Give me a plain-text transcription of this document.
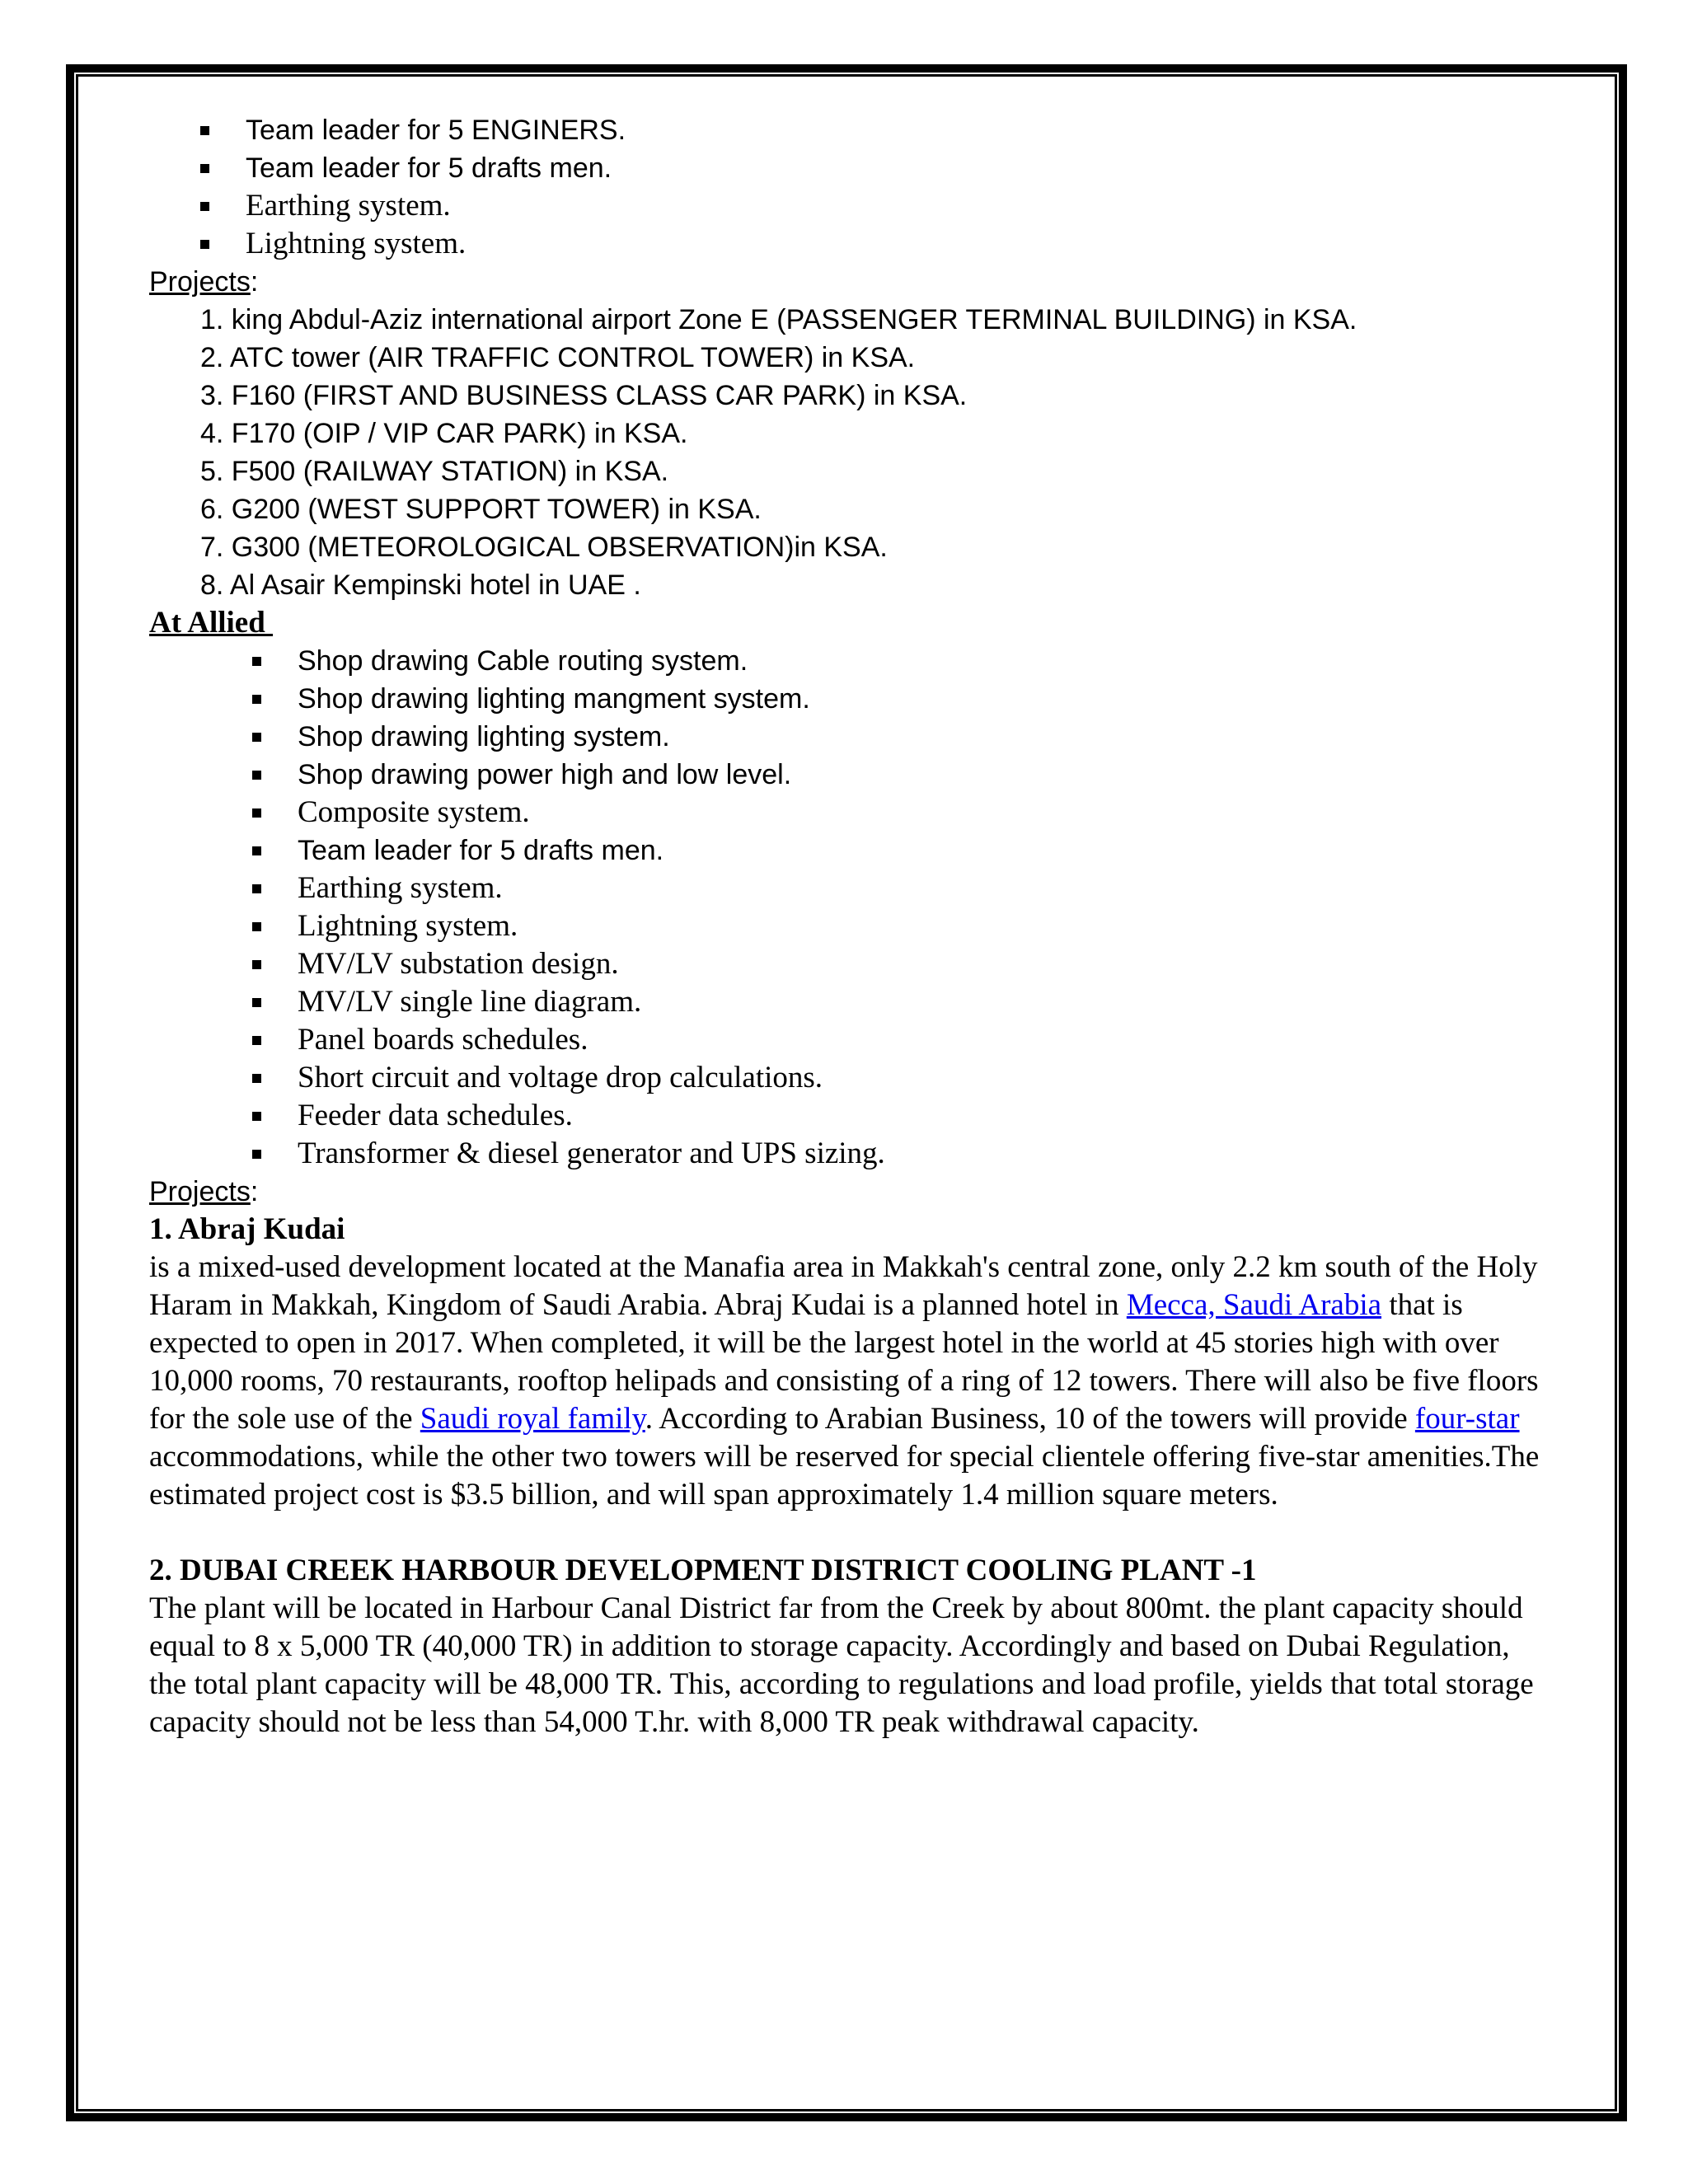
Team leader for 5 ENGINERS.
Team leader for 5 drafts men.
Earthing system.
Lightning system.
Projects:
1. king Abdul-Aziz international airport Zone E (PASSENGER TERMINAL BUILDING) in KSA.
2. ATC tower (AIR TRAFFIC CONTROL TOWER) in KSA.
3. F160 (FIRST AND BUSINESS CLASS CAR PARK) in KSA.
4. F170 (OIP / VIP CAR PARK) in KSA.
5. F500 (RAILWAY STATION) in KSA.
6. G200 (WEST SUPPORT TOWER) in KSA.
7. G300 (METEOROLOGICAL OBSERVATION)in KSA.
8. Al Asair Kempinski hotel in UAE .
At Allied
Shop drawing Cable routing system.
Shop drawing lighting mangment system.
Shop drawing lighting system.
Shop drawing power high and low level.
Composite system.
Team leader for 5 drafts men.
Earthing system.
Lightning system.
MV/LV substation design.
MV/LV single line diagram.
Panel boards schedules.
Short circuit and voltage drop calculations.
Feeder data schedules.
Transformer & diesel generator and UPS sizing.
Projects:
1. Abraj Kudai

is a mixed-used development located at the Manafia area in Makkah's central zone, only 2.2 km south of the Holy Haram in Makkah, Kingdom of Saudi Arabia. Abraj Kudai is a planned hotel in Mecca, Saudi Arabia that is expected to open in 2017. When completed, it will be the largest hotel in the world at 45 stories high with over 10,000 rooms, 70 restaurants, rooftop helipads and consisting of a ring of 12 towers. There will also be five floors for the sole use of the Saudi royal family. According to Arabian Business, 10 of the towers will provide four-star accommodations, while the other two towers will be reserved for special clientele offering five-star amenities.The estimated project cost is $3.5 billion, and will span approximately 1.4 million square meters.

2. DUBAI CREEK HARBOUR DEVELOPMENT DISTRICT COOLING PLANT -1

The plant will be located in Harbour Canal District far from the Creek by about 800mt. the plant capacity should equal to 8 x 5,000 TR (40,000 TR) in addition to storage capacity. Accordingly and based on Dubai Regulation, the total plant capacity will be 48,000 TR. This, according to regulations and load profile, yields that total storage capacity should not be less than 54,000 T.hr. with 8,000 TR peak withdrawal capacity.
